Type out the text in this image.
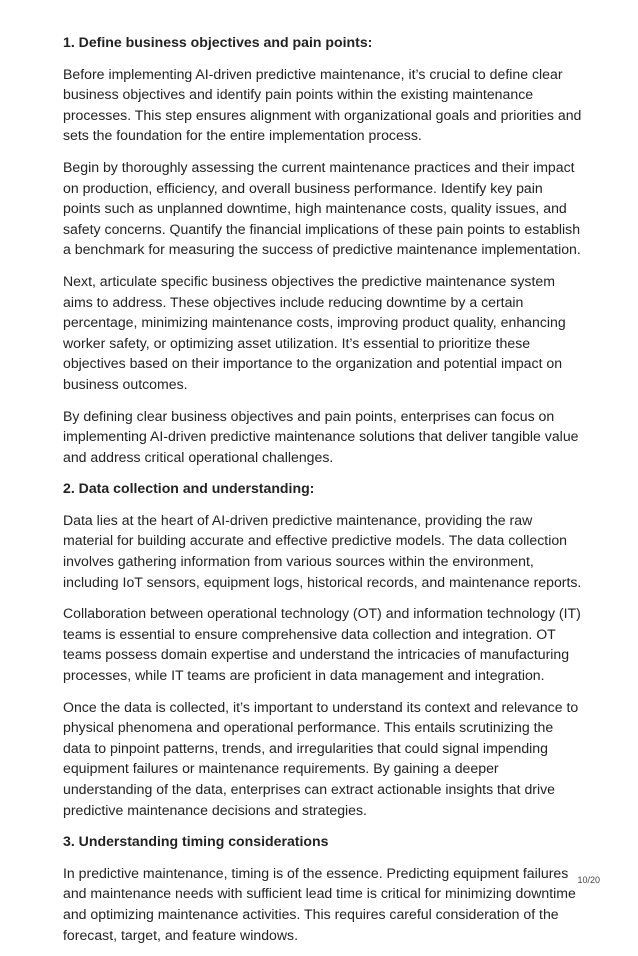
1. Define business objectives and pain points:

Before implementing AI-driven predictive maintenance, it’s crucial to define clear business objectives and identify pain points within the existing maintenance processes. This step ensures alignment with organizational goals and priorities and sets the foundation for the entire implementation process.

Begin by thoroughly assessing the current maintenance practices and their impact on production, efficiency, and overall business performance. Identify key pain points such as unplanned downtime, high maintenance costs, quality issues, and safety concerns. Quantify the financial implications of these pain points to establish a benchmark for measuring the success of predictive maintenance implementation.

Next, articulate specific business objectives the predictive maintenance system aims to address. These objectives include reducing downtime by a certain percentage, minimizing maintenance costs, improving product quality, enhancing worker safety, or optimizing asset utilization. It’s essential to prioritize these objectives based on their importance to the organization and potential impact on business outcomes.

By defining clear business objectives and pain points, enterprises can focus on implementing AI-driven predictive maintenance solutions that deliver tangible value and address critical operational challenges.

2. Data collection and understanding:

Data lies at the heart of AI-driven predictive maintenance, providing the raw material for building accurate and effective predictive models. The data collection involves gathering information from various sources within the environment, including IoT sensors, equipment logs, historical records, and maintenance reports.

Collaboration between operational technology (OT) and information technology (IT) teams is essential to ensure comprehensive data collection and integration. OT teams possess domain expertise and understand the intricacies of manufacturing processes, while IT teams are proficient in data management and integration.

Once the data is collected, it’s important to understand its context and relevance to physical phenomena and operational performance. This entails scrutinizing the data to pinpoint patterns, trends, and irregularities that could signal impending equipment failures or maintenance requirements. By gaining a deeper understanding of the data, enterprises can extract actionable insights that drive predictive maintenance decisions and strategies.

3. Understanding timing considerations

In predictive maintenance, timing is of the essence. Predicting equipment failures and maintenance needs with sufficient lead time is critical for minimizing downtime and optimizing maintenance activities. This requires careful consideration of the forecast, target, and feature windows.

10/20
